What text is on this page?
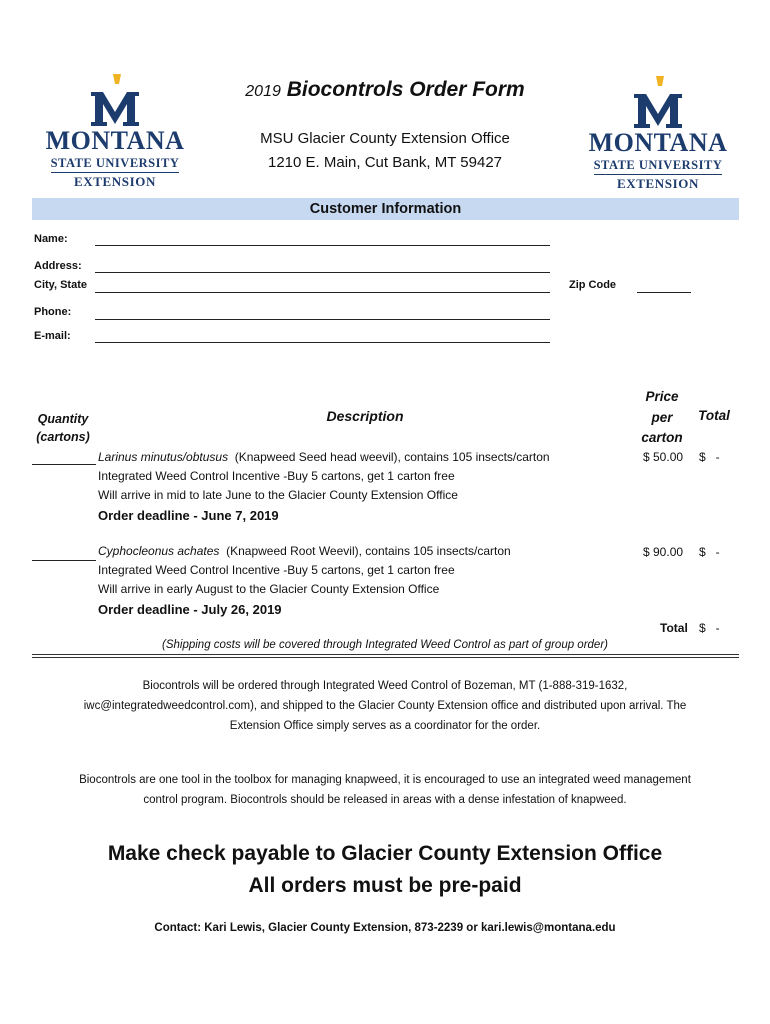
MONTANA
STATE UNIVERSITY
EXTENSION
MONTANA
STATE UNIVERSITY
EXTENSION
2019 Biocontrols Order Form
MSU Glacier County Extension Office
1210 E. Main, Cut Bank, MT 59427
Customer Information
Name:
Address:
City, State	Zip Code
Phone:
E-mail:
Quantity
(cartons)
Description
Price
per
carton
Total
Larinus minutus/obtusus (Knapweed Seed head weevil), contains 105 insects/carton
Integrated Weed Control Incentive -Buy 5 cartons, get 1 carton free
Will arrive in mid to late June to the Glacier County Extension Office
Order deadline - June 7, 2019
$ 50.00 $   -
Cyphocleonus achates (Knapweed Root Weevil), contains 105 insects/carton
Integrated Weed Control Incentive -Buy 5 cartons, get 1 carton free
Will arrive in early August to the Glacier County Extension Office
Order deadline - July 26, 2019
$ 90.00 $   -
Total $   -
(Shipping costs will be covered through Integrated Weed Control as part of group order)
Biocontrols will be ordered through Integrated Weed Control of Bozeman, MT (1-888-319-1632,
iwc@integratedweedcontrol.com), and shipped to the Glacier County Extension office and distributed upon arrival. The
Extension Office simply serves as a coordinator for the order.
Biocontrols are one tool in the toolbox for managing knapweed, it is encouraged to use an integrated weed management
control program. Biocontrols should be released in areas with a dense infestation of knapweed.
Make check payable to Glacier County Extension Office
All orders must be pre-paid
Contact: Kari Lewis, Glacier County Extension, 873-2239 or kari.lewis@montana.edu
